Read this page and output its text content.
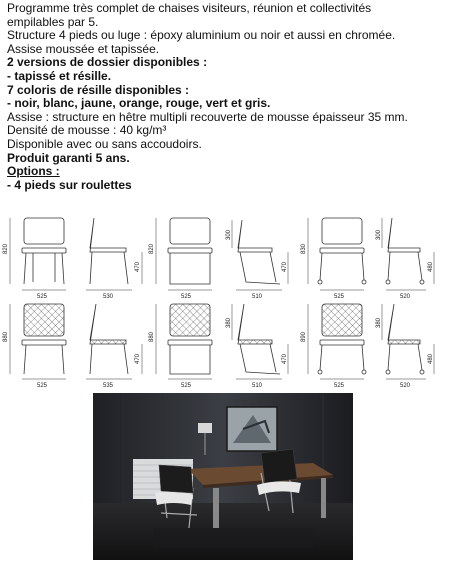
Programme très complet de chaises visiteurs, réunion et collectivités

empilables par 5.

Structure 4 pieds ou luge : époxy aluminium ou noir et aussi en chromée.

Assise moussée et tapissée.

2 versions de dossier disponibles :

- tapissé et résille.

7 coloris de résille disponibles :

- noir, blanc, jaune, orange, rouge, vert et gris.

Assise : structure en hêtre multipli recouverte de mousse épaisseur 35 mm.

Densité de mousse : 40 kg/m³

Disponible avec ou sans accoudoirs.

Produit garanti 5 ans.

Options :

- 4 pieds sur roulettes

820
525	530
820
525
470
300
510
470
830
525
300
520
480
880
525	535
880
525
470
380
510
470
890
525
380
520
480
